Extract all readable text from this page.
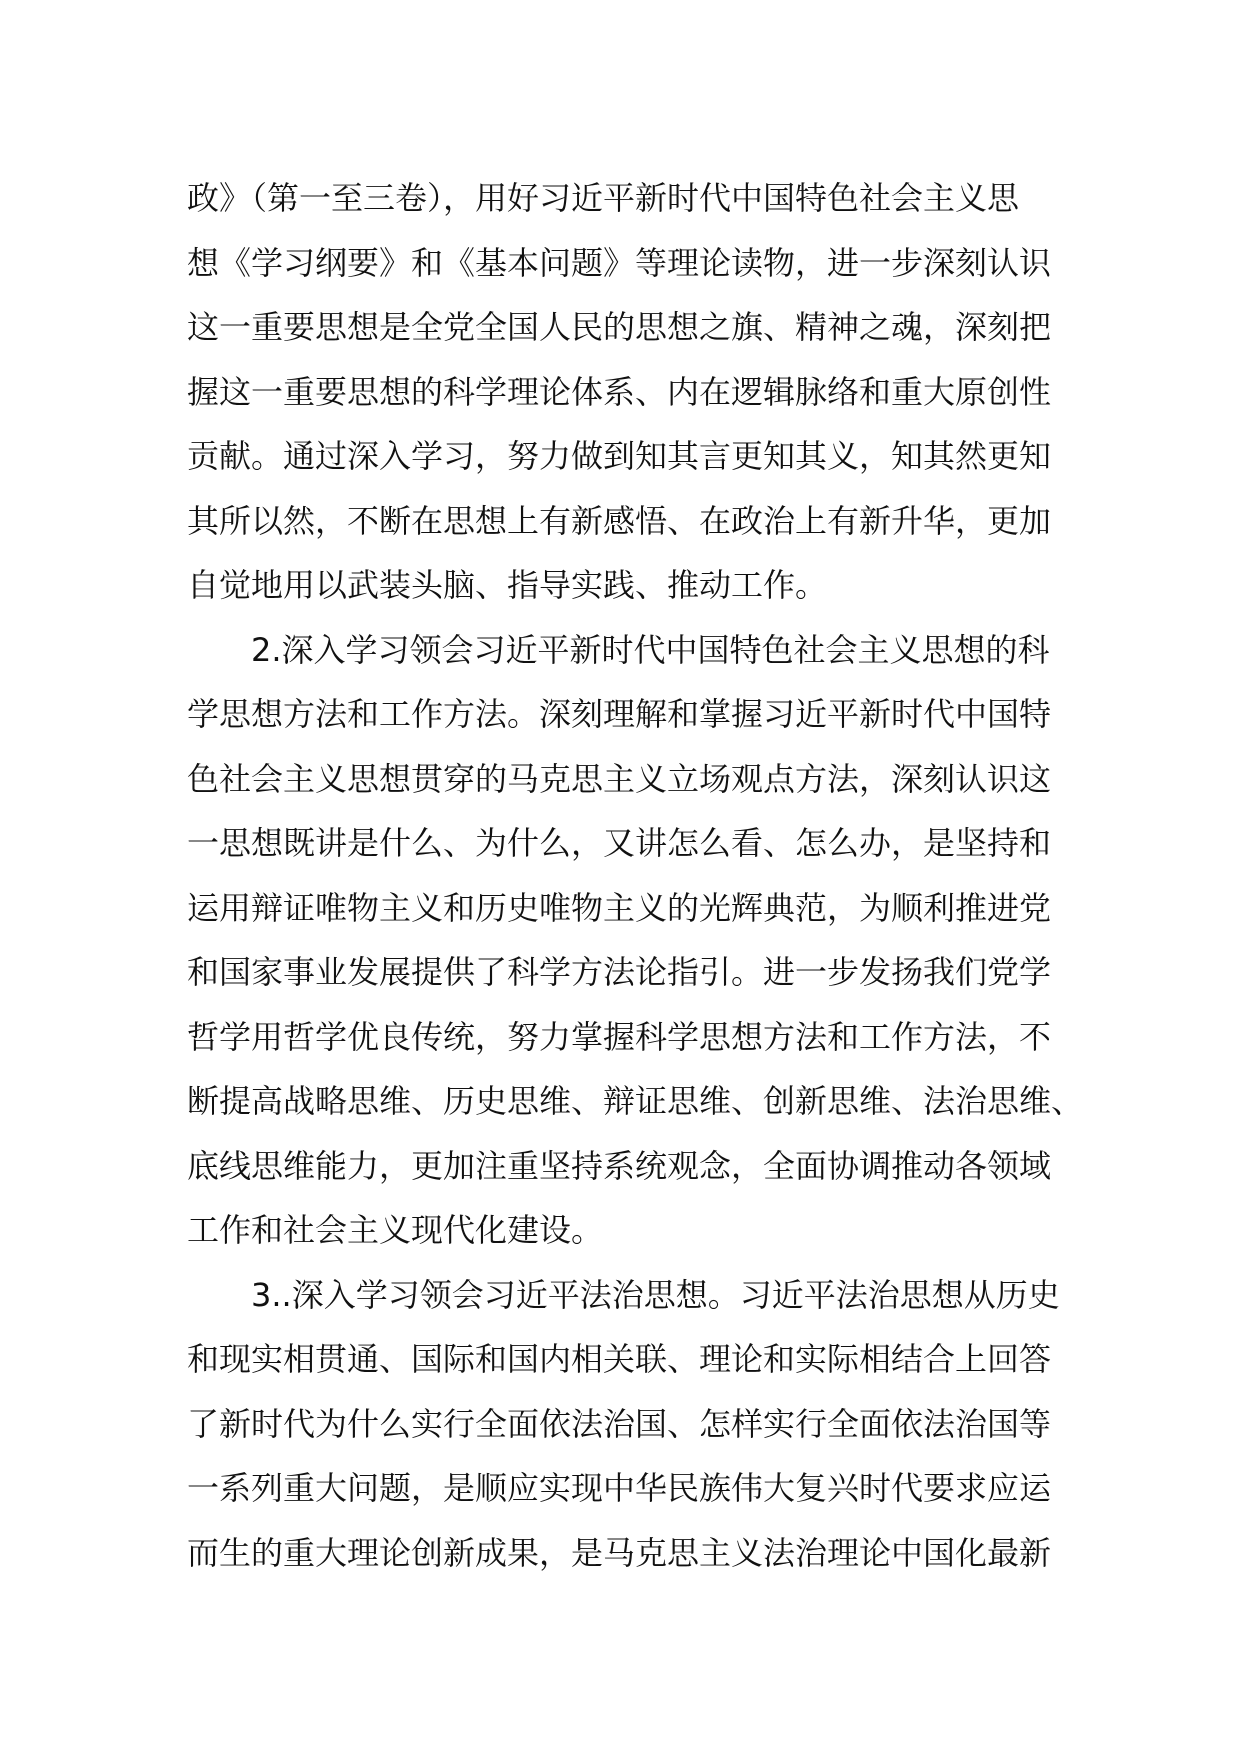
政》（第一至三卷），用好习近平新时代中国特色社会主义思
想《学习纲要》和《基本问题》等理论读物，进一步深刻认识
这一重要思想是全党全国人民的思想之旗、精神之魂，深刻把
握这一重要思想的科学理论体系、内在逻辑脉络和重大原创性
贡献。通过深入学习，努力做到知其言更知其义，知其然更知
其所以然，不断在思想上有新感悟、在政治上有新升华，更加
自觉地用以武装头脑、指导实践、推动工作。
2.深入学习领会习近平新时代中国特色社会主义思想的科
学思想方法和工作方法。深刻理解和掌握习近平新时代中国特
色社会主义思想贯穿的马克思主义立场观点方法，深刻认识这
一思想既讲是什么、为什么，又讲怎么看、怎么办，是坚持和
运用辩证唯物主义和历史唯物主义的光辉典范，为顺利推进党
和国家事业发展提供了科学方法论指引。进一步发扬我们党学
哲学用哲学优良传统，努力掌握科学思想方法和工作方法，不
断提高战略思维、历史思维、辩证思维、创新思维、法治思维、
底线思维能力，更加注重坚持系统观念，全面协调推动各领域
工作和社会主义现代化建设。
3..深入学习领会习近平法治思想。习近平法治思想从历史
和现实相贯通、国际和国内相关联、理论和实际相结合上回答
了新时代为什么实行全面依法治国、怎样实行全面依法治国等
一系列重大问题，是顺应实现中华民族伟大复兴时代要求应运
而生的重大理论创新成果，是马克思主义法治理论中国化最新
